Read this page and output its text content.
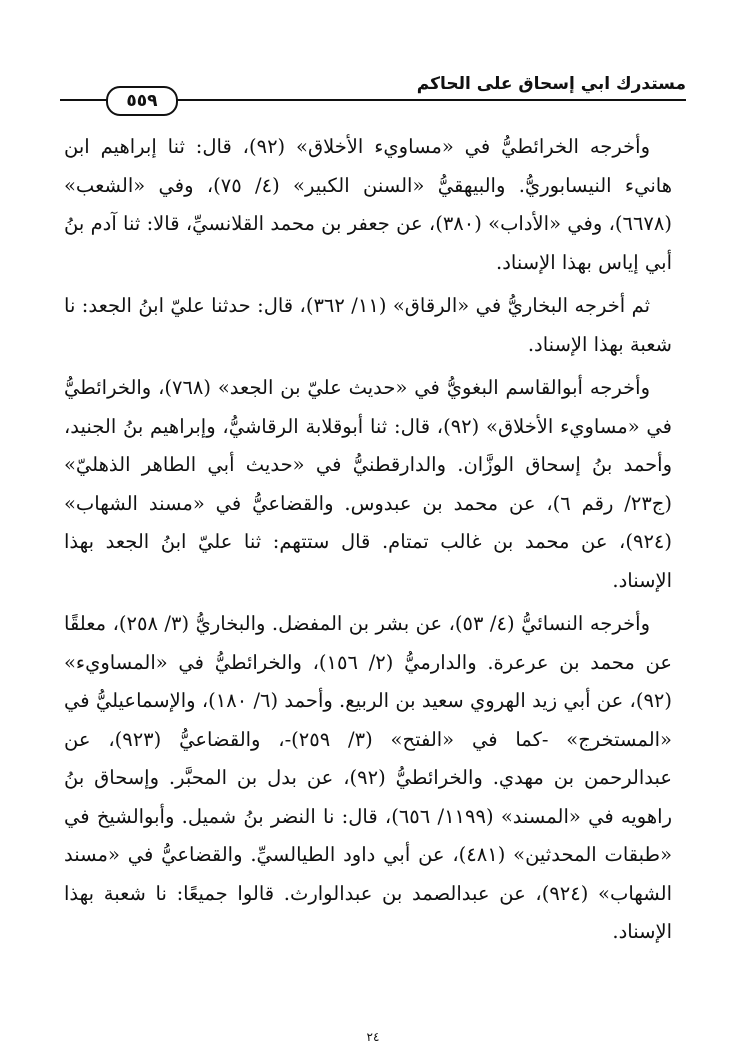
مستدرك ابي إسحاق على الحاكم
٥٥٩

وأخرجه الخرائطيُّ في «مساويء الأخلاق» (٩٢)، قال: ثنا إبراهيم ابن هانيء النيسابوريُّ. والبيهقيُّ «السنن الكبير» (٤/ ٧٥)، وفي «الشعب» (٦٦٧٨)، وفي «الأداب» (٣٨٠)، عن جعفر بن محمد القلانسيِّ، قالا: ثنا آدم بنُ أبي إياس بهذا الإسناد.

ثم أخرجه البخاريُّ في «الرقاق» (١١/ ٣٦٢)، قال: حدثنا عليّ ابنُ الجعد: نا شعبة بهذا الإسناد.

وأخرجه أبوالقاسم البغويُّ في «حديث عليّ بن الجعد» (٧٦٨)، والخرائطيُّ في «مساويء الأخلاق» (٩٢)، قال: ثنا أبوقلابة الرقاشيُّ، وإبراهيم بنُ الجنيد، وأحمد بنُ إسحاق الوزَّان. والدارقطنيُّ في «حديث أبي الطاهر الذهليّ» (ج٢٣/ رقم ٦)، عن محمد بن عبدوس. والقضاعيُّ في «مسند الشهاب» (٩٢٤)، عن محمد بن غالب تمتام. قال ستتهم: ثنا عليّ ابنُ الجعد بهذا الإسناد.

وأخرجه النسائيُّ (٤/ ٥٣)، عن بشر بن المفضل. والبخاريُّ (٣/ ٢٥٨)، معلقًا عن محمد بن عرعرة. والدارميُّ (٢/ ١٥٦)، والخرائطيُّ في «المساويء» (٩٢)، عن أبي زيد الهروي سعيد بن الربيع. وأحمد (٦/ ١٨٠)، والإسماعيليُّ في «المستخرج» -كما في «الفتح» (٣/ ٢٥٩)-، والقضاعيُّ (٩٢٣)، عن عبدالرحمن بن مهدي. والخرائطيُّ (٩٢)، عن بدل بن المحبَّر. وإسحاق بنُ راهويه في «المسند» (١١٩٩/ ٦٥٦)، قال: نا النضر بنُ شميل. وأبوالشيخ في «طبقات المحدثين» (٤٨١)، عن أبي داود الطيالسيِّ. والقضاعيُّ في «مسند الشهاب» (٩٢٤)، عن عبدالصمد بن عبدالوارث. قالوا جميعًا: نا شعبة بهذا الإسناد.

٢٤
